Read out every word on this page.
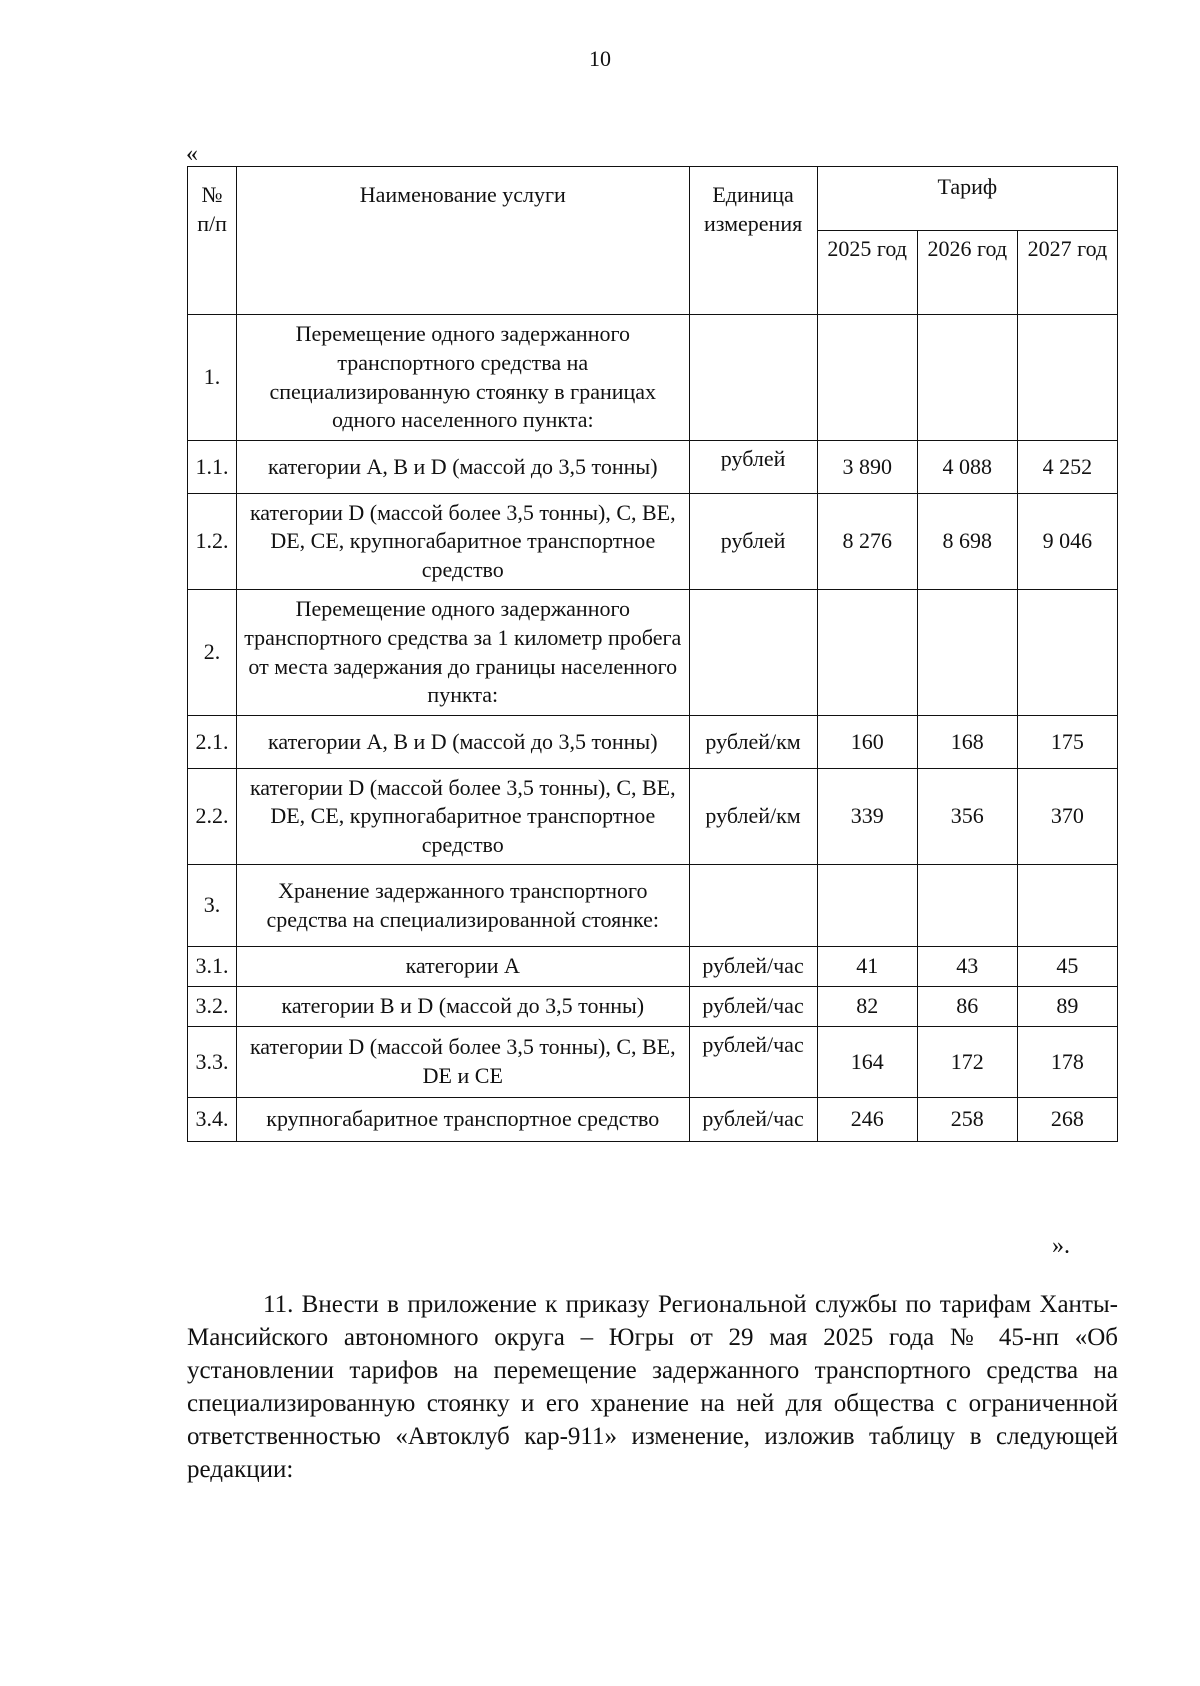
10
«
№ п/п	Наименование услуги	Единица измерения	Тариф		
			2025 год	2026 год	2027 год
1.	Перемещение одного задержанного транспортного средства на специализированную стоянку в границах одного населенного пункта:				
1.1.	категории A, B и D (массой до 3,5 тонны)	рублей	3 890	4 088	4 252
1.2.	категории D (массой более 3,5 тонны), C, BE, DE, CE, крупногабаритное транспортное средство	рублей	8 276	8 698	9 046
2.	Перемещение одного задержанного транспортного средства за 1 километр пробега от места задержания до границы населенного пункта:				
2.1.	категории A, B и D (массой до 3,5 тонны)	рублей/км	160	168	175
2.2.	категории D (массой более 3,5 тонны), C, BE, DE, CE, крупногабаритное транспортное средство	рублей/км	339	356	370
3.	Хранение задержанного транспортного средства на специализированной стоянке:				
3.1.	категории A	рублей/час	41	43	45
3.2.	категории B и D (массой до 3,5 тонны)	рублей/час	82	86	89
3.3.	категории D (массой более 3,5 тонны), C, BE, DE и CE	рублей/час	164	172	178
3.4.	крупногабаритное транспортное средство	рублей/час	246	258	268
».
11. Внести в приложение к приказу Региональной службы по тарифам Ханты-Мансийского автономного округа – Югры от 29 мая 2025 года № 45-нп «Об установлении тарифов на перемещение задержанного транспортного средства на специализированную стоянку и его хранение на ней для общества с ограниченной ответственностью «Автоклуб кар-911» изменение, изложив таблицу в следующей редакции:
